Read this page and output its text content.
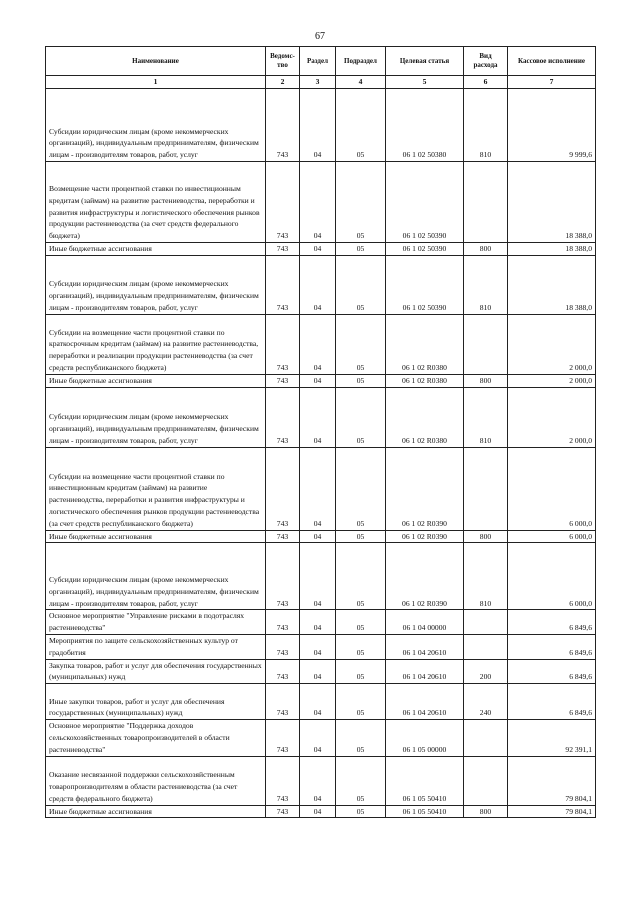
67
Наименование	Ведомс-тво	Раздел	Подраздел	Целевая статья	Вид расхода	Кассовое исполнение
1	2	3	4	5	6	7
Субсидии юридическим лицам (кроме некоммерческих организаций), индивидуальным предпринимателям, физическим лицам - производителям товаров, работ, услуг	743	04	05	06 1 02 50380	810	9 999,6
Возмещение части процентной ставки по инвестиционным кредитам (займам) на развитие растениеводства, переработки и развития инфраструктуры и логистического обеспечения рынков продукции растениеводства (за счет средств федерального бюджета)	743	04	05	06 1 02 50390		18 388,0
Иные бюджетные ассигнования	743	04	05	06 1 02 50390	800	18 388,0
Субсидии юридическим лицам (кроме некоммерческих организаций), индивидуальным предпринимателям, физическим лицам - производителям товаров, работ, услуг	743	04	05	06 1 02 50390	810	18 388,0
Субсидии на возмещение части процентной ставки по краткосрочным кредитам (займам) на развитие растениеводства, переработки и реализации продукции растениеводства (за счет средств республиканского бюджета)	743	04	05	06 1 02 R0380		2 000,0
Иные бюджетные ассигнования	743	04	05	06 1 02 R0380	800	2 000,0
Субсидии юридическим лицам (кроме некоммерческих организаций), индивидуальным предпринимателям, физическим лицам - производителям товаров, работ, услуг	743	04	05	06 1 02 R0380	810	2 000,0
Субсидии на возмещение части процентной ставки по инвестиционным кредитам (займам) на развитие растениеводства, переработки и развития инфраструктуры и логистического обеспечения рынков продукции растениеводства (за счет средств республиканского бюджета)	743	04	05	06 1 02 R0390		6 000,0
Иные бюджетные ассигнования	743	04	05	06 1 02 R0390	800	6 000,0
Субсидии юридическим лицам (кроме некоммерческих организаций), индивидуальным предпринимателям, физическим лицам - производителям товаров, работ, услуг	743	04	05	06 1 02 R0390	810	6 000,0
Основное мероприятие "Управление рисками в подотраслях растениеводства"	743	04	05	06 1 04 00000		6 849,6
Мероприятия по защите сельскохозяйственных культур от градобития	743	04	05	06 1 04 20610		6 849,6
Закупка товаров, работ и услуг для обеспечения государственных (муниципальных) нужд	743	04	05	06 1 04 20610	200	6 849,6
Иные закупки товаров, работ и услуг для обеспечения государственных (муниципальных) нужд	743	04	05	06 1 04 20610	240	6 849,6
Основное мероприятие "Поддержка доходов сельскохозяйственных товаропроизводителей в области растениеводства"	743	04	05	06 1 05 00000		92 391,1
Оказание несвязанной поддержки сельскохозяйственным товаропроизводителям в области растениеводства (за счет средств федерального бюджета)	743	04	05	06 1 05 50410		79 804,1
Иные бюджетные ассигнования	743	04	05	06 1 05 50410	800	79 804,1
